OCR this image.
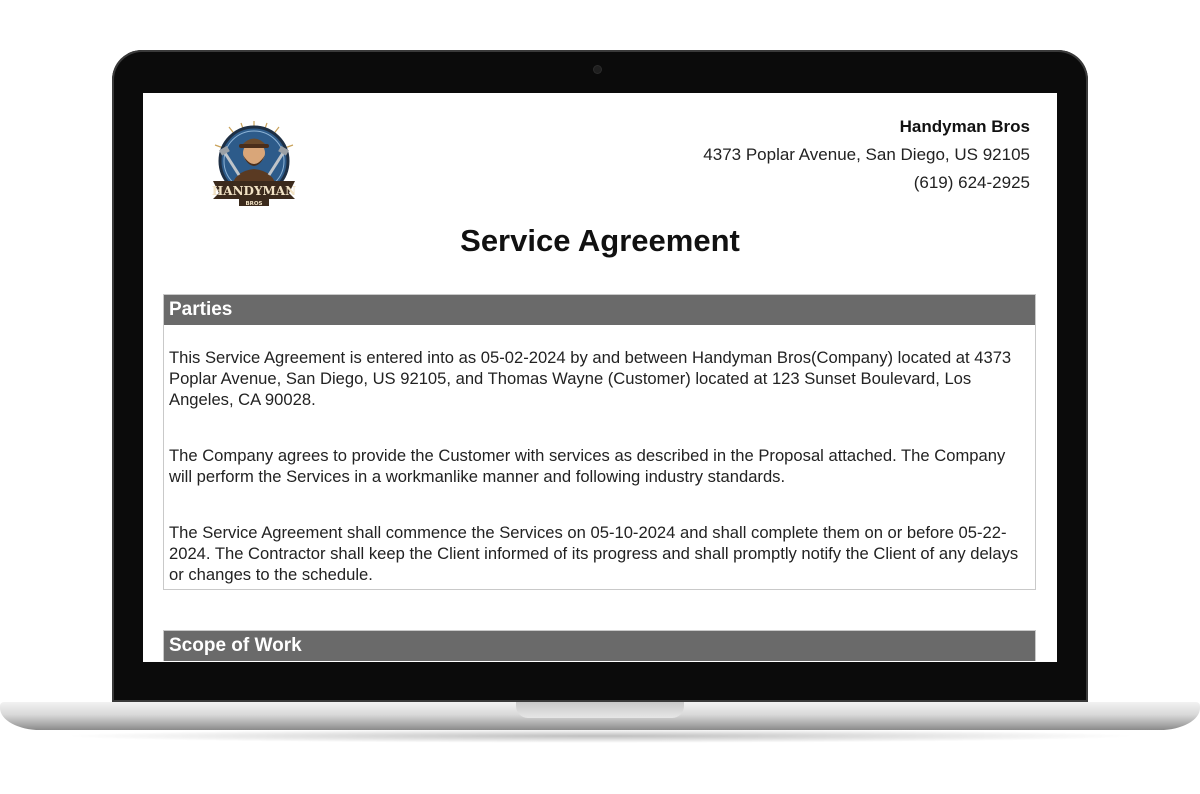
HANDYMAN
BROS
Handyman Bros
4373 Poplar Avenue, San Diego, US 92105
(619) 624-2925
Service Agreement
Parties

This Service Agreement is entered into as 05-02-2024 by and between Handyman Bros(Company) located at 4373 Poplar Avenue, San Diego, US 92105, and Thomas Wayne (Customer) located at 123 Sunset Boulevard, Los Angeles, CA 90028.

The Company agrees to provide the Customer with services as described in the Proposal attached. The Company will perform the Services in a workmanlike manner and following industry standards.

The Service Agreement shall commence the Services on 05-10-2024 and shall complete them on or before 05-22-2024. The Contractor shall keep the Client informed of its progress and shall promptly notify the Client of any delays or changes to the schedule.

Scope of Work
